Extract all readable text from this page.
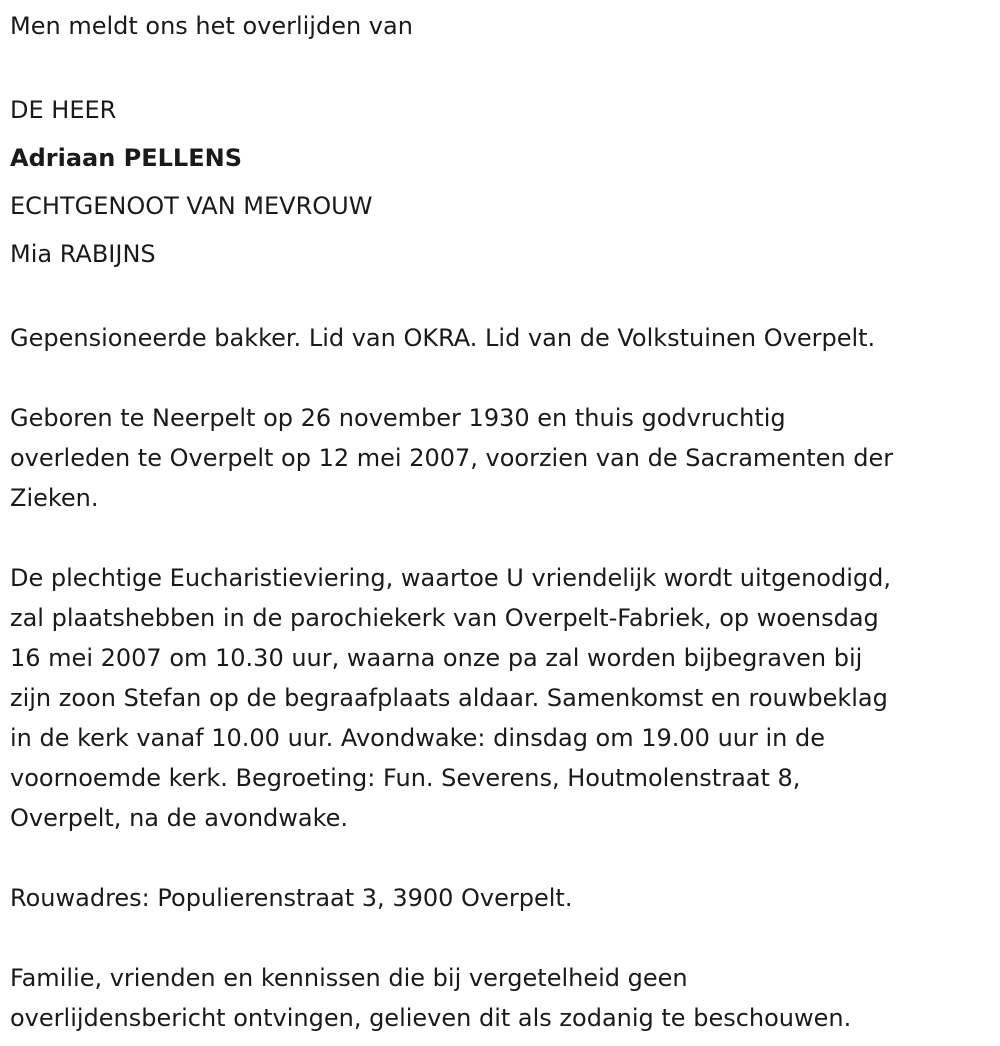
Men meldt ons het overlijden van
DE HEER
Adriaan PELLENS
ECHTGENOOT VAN MEVROUW
Mia RABIJNS
Gepensioneerde bakker. Lid van OKRA. Lid van de Volkstuinen Overpelt.
Geboren te Neerpelt op 26 november 1930 en thuis godvruchtig
overleden te Overpelt op 12 mei 2007, voorzien van de Sacramenten der
Zieken.
De plechtige Eucharistieviering, waartoe U vriendelijk wordt uitgenodigd,
zal plaatshebben in de parochiekerk van Overpelt-Fabriek, op woensdag
16 mei 2007 om 10.30 uur, waarna onze pa zal worden bijbegraven bij
zijn zoon Stefan op de begraafplaats aldaar. Samenkomst en rouwbeklag
in de kerk vanaf 10.00 uur. Avondwake: dinsdag om 19.00 uur in de
voornoemde kerk. Begroeting: Fun. Severens, Houtmolenstraat 8,
Overpelt, na de avondwake.
Rouwadres: Populierenstraat 3, 3900 Overpelt.
Familie, vrienden en kennissen die bij vergetelheid geen
overlijdensbericht ontvingen, gelieven dit als zodanig te beschouwen.
